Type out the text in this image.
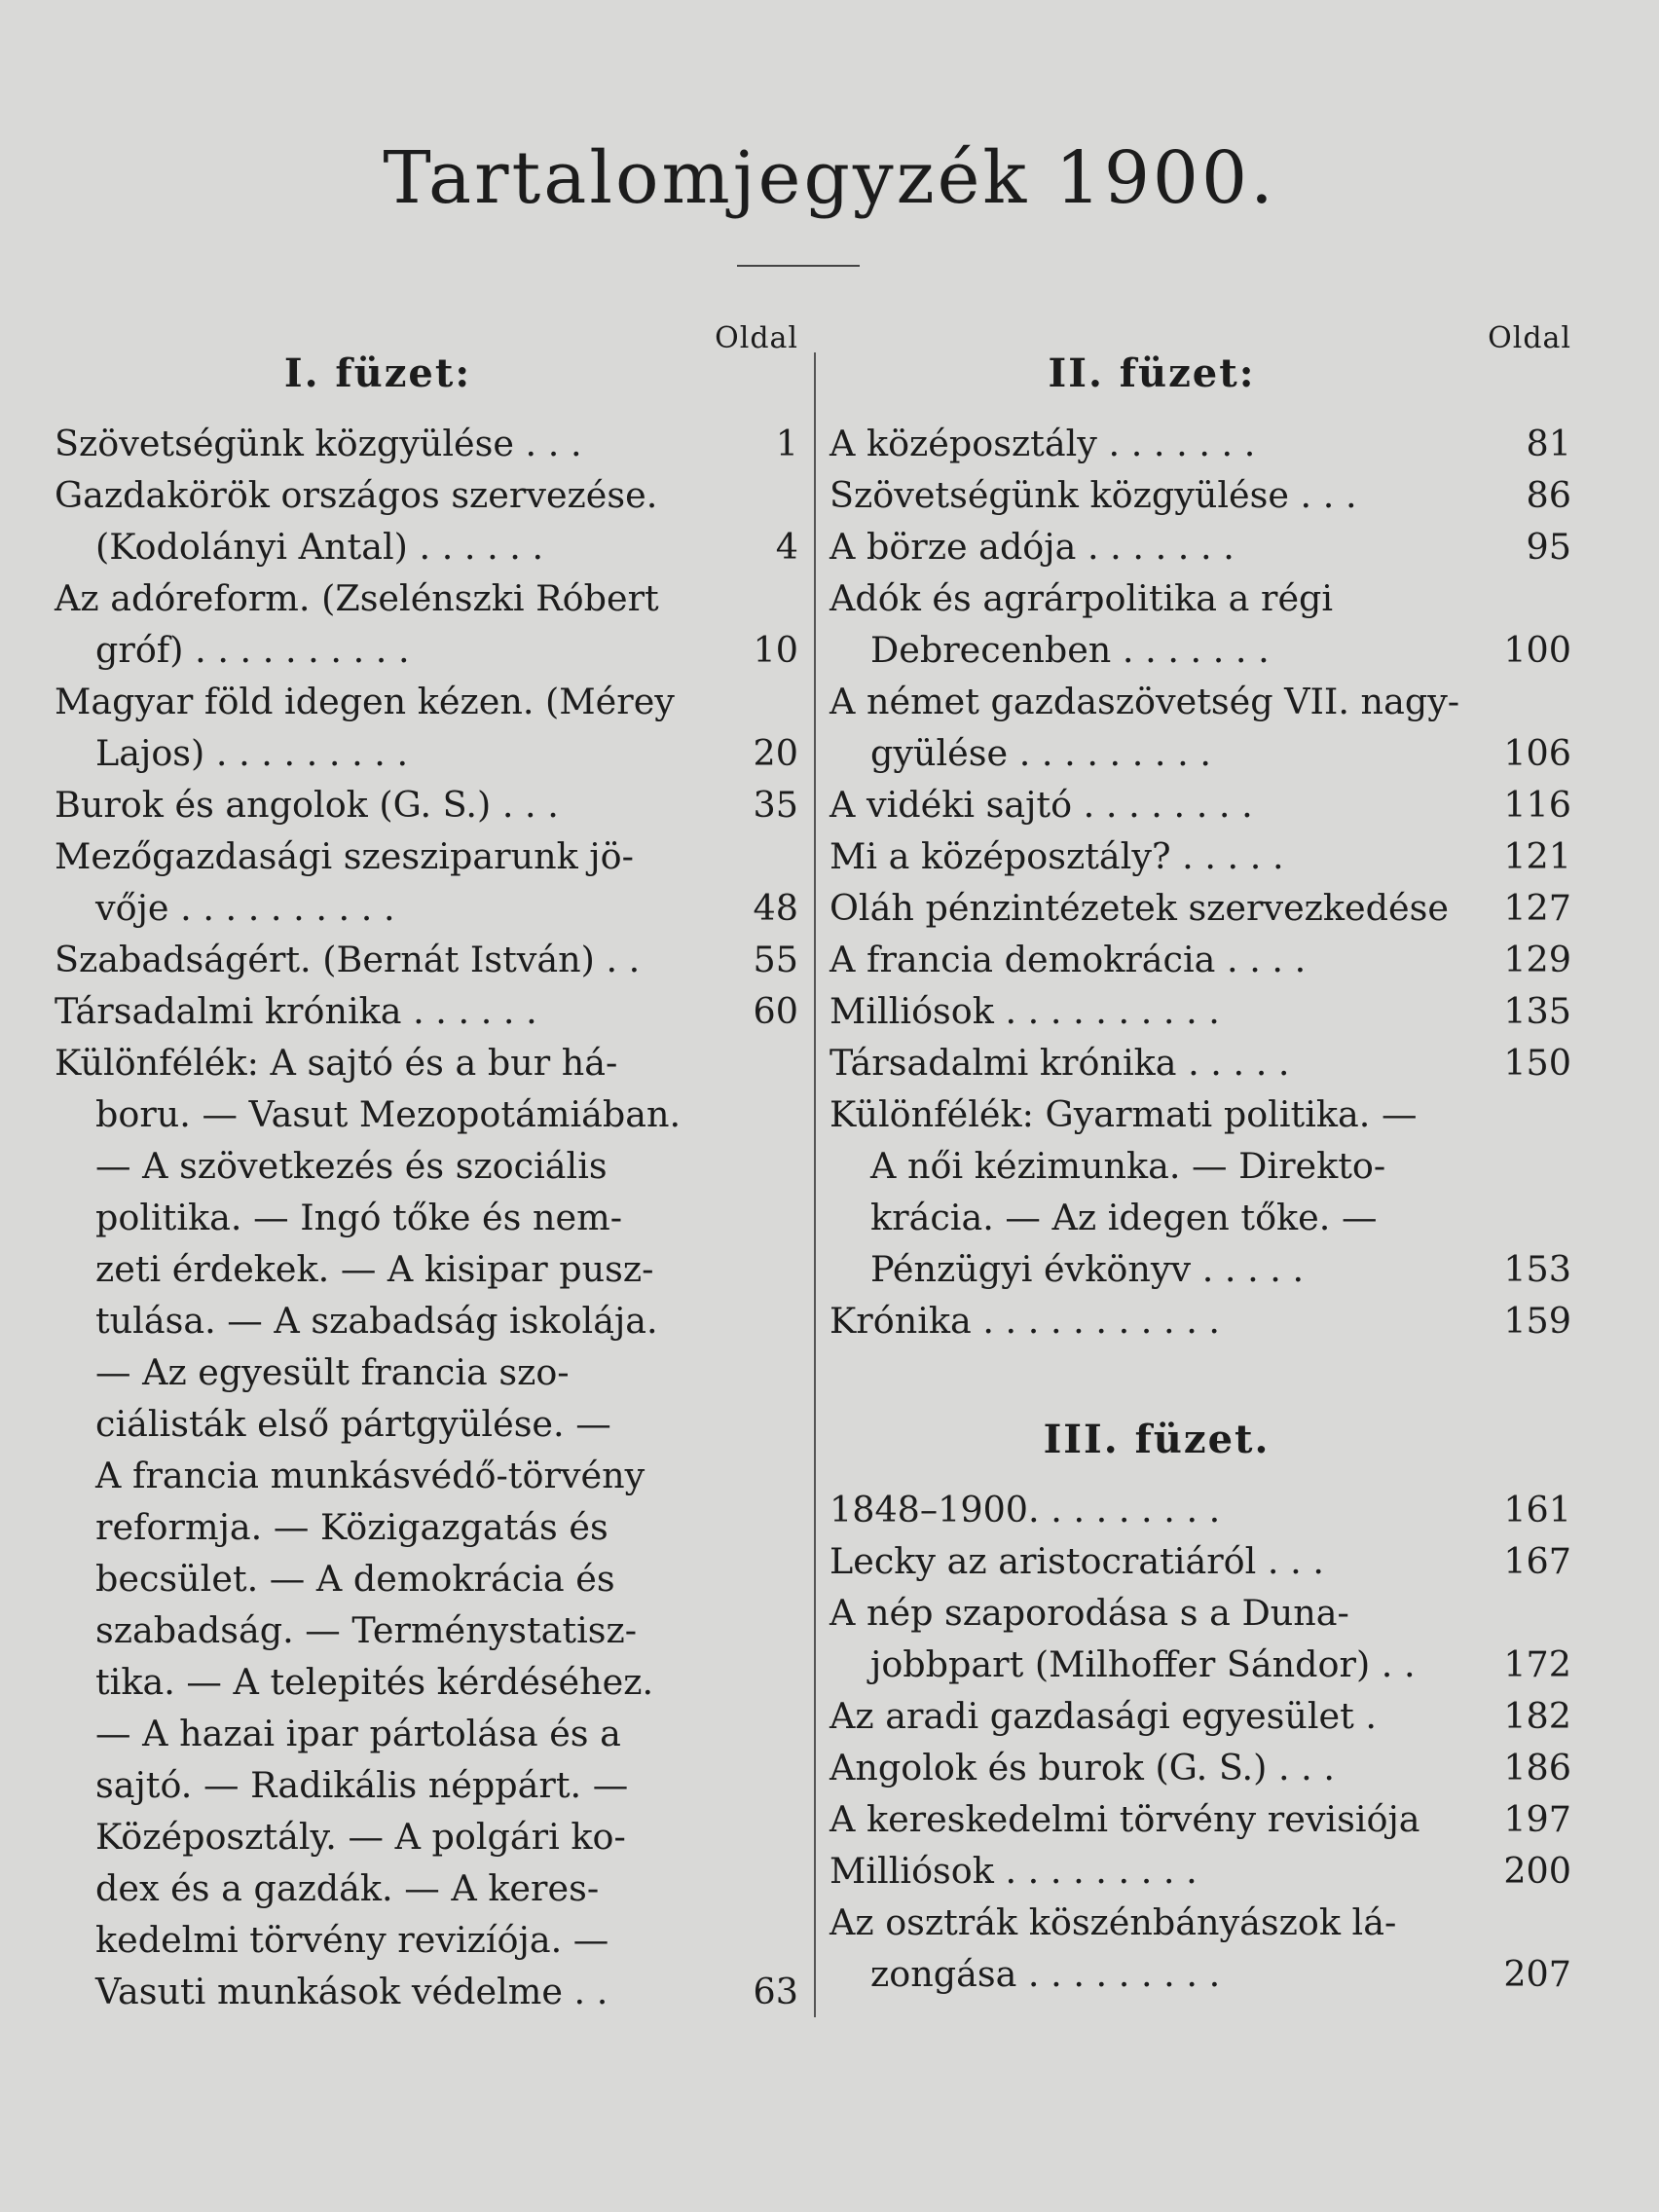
Tartalomjegyzék 1900.
Oldal
I. füzet:
Szövetségünk közgyülése . . .	1
Gazdakörök országos szervezése.
(Kodolányi Antal) . . . . . .	4
Az adóreform. (Zselénszki Róbert
gróf) . . . . . . . . . .	10
Magyar föld idegen kézen. (Mérey
Lajos) . . . . . . . . .	20
Burok és angolok (G. S.) . . .	35
Mezőgazdasági szesziparunk jö-
vője . . . . . . . . . .	48
Szabadságért. (Bernát István) . .	55
Társadalmi krónika . . . . . .	60
Különfélék: A sajtó és a bur há-
boru. — Vasut Mezopotámiában.
— A szövetkezés és szociális
politika. — Ingó tőke és nem-
zeti érdekek. — A kisipar pusz-
tulása. — A szabadság iskolája.
— Az egyesült francia szo-
ciálisták első pártgyülése. —
A francia munkásvédő-törvény
reformja. — Közigazgatás és
becsület. — A demokrácia és
szabadság. — Terménystatisz-
tika. — A telepités kérdéséhez.
— A hazai ipar pártolása és a
sajtó. — Radikális néppárt. —
Középosztály. — A polgári ko-
dex és a gazdák. — A keres-
kedelmi törvény revizíója. —
Vasuti munkások védelme . .	63
Oldal
II. füzet:
A középosztály . . . . . . .	81
Szövetségünk közgyülése . . .	86
A börze adója . . . . . . .	95
Adók és agrárpolitika a régi
Debrecenben . . . . . . .	100
A német gazdaszövetség VII. nagy-
gyülése . . . . . . . . .	106
A vidéki sajtó . . . . . . . .	116
Mi a középosztály? . . . . .	121
Oláh pénzintézetek szervezkedése	127
A francia demokrácia . . . .	129
Milliósok . . . . . . . . . .	135
Társadalmi krónika . . . . .	150
Különfélék: Gyarmati politika. —
A női kézimunka. — Direkto-
krácia. — Az idegen tőke. —
Pénzügyi évkönyv . . . . .	153
Krónika . . . . . . . . . . .	159
III. füzet.
1848–1900. . . . . . . . .	161
Lecky az aristocratiáról . . .	167
A nép szaporodása s a Duna-
jobbpart (Milhoffer Sándor) . .	172
Az aradi gazdasági egyesület .	182
Angolok és burok (G. S.) . . .	186
A kereskedelmi törvény revisiója	197
Milliósok . . . . . . . . .	200
Az osztrák köszénbányászok lá-
zongása . . . . . . . . .	207
